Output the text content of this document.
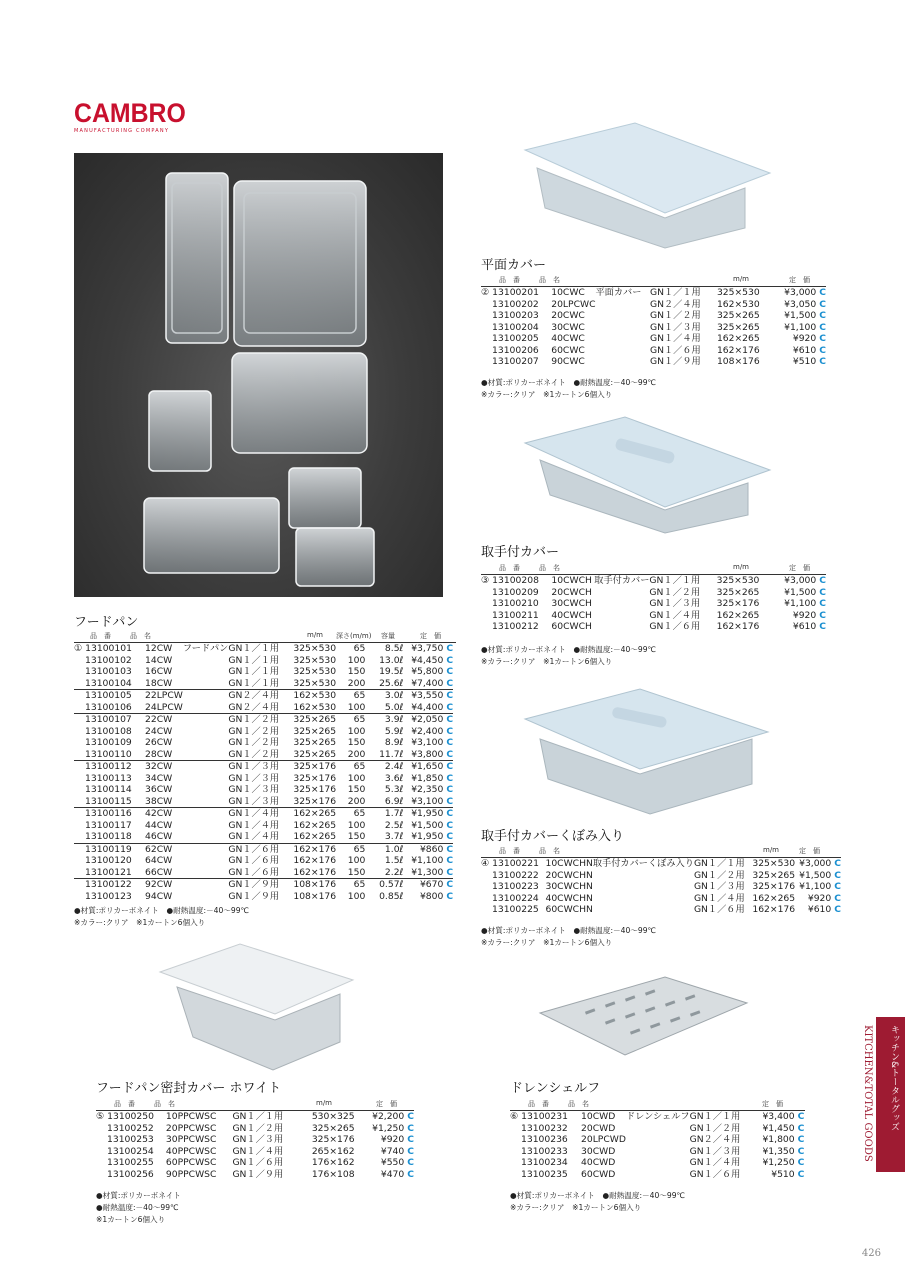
CAMBRO
MANUFACTURING COMPANY
フードパン
品　番	品　名	m/m 深さ(m/m) 容量	定　価
① 13100101	12CW	フードパン	GN１／１用	325×530	65	8.5ℓ	¥3,750	C
13100102	14CW		GN１／１用	325×530	100	13.0ℓ	¥4,450	C
13100103	16CW		GN１／１用	325×530	150	19.5ℓ	¥5,800	C
13100104	18CW		GN１／１用	325×530	200	25.6ℓ	¥7,400	C
13100105	22LPCW		GN２／４用	162×530	65	3.0ℓ	¥3,550	C
13100106	24LPCW		GN２／４用	162×530	100	5.0ℓ	¥4,400	C
13100107	22CW		GN１／２用	325×265	65	3.9ℓ	¥2,050	C
13100108	24CW		GN１／２用	325×265	100	5.9ℓ	¥2,400	C
13100109	26CW		GN１／２用	325×265	150	8.9ℓ	¥3,100	C
13100110	28CW		GN１／２用	325×265	200	11.7ℓ	¥3,800	C
13100112	32CW		GN１／３用	325×176	65	2.4ℓ	¥1,650	C
13100113	34CW		GN１／３用	325×176	100	3.6ℓ	¥1,850	C
13100114	36CW		GN１／３用	325×176	150	5.3ℓ	¥2,350	C
13100115	38CW		GN１／３用	325×176	200	6.9ℓ	¥3,100	C
13100116	42CW		GN１／４用	162×265	65	1.7ℓ	¥1,950	C
13100117	44CW		GN１／４用	162×265	100	2.5ℓ	¥1,500	C
13100118	46CW		GN１／４用	162×265	150	3.7ℓ	¥1,950	C
13100119	62CW		GN１／６用	162×176	65	1.0ℓ	¥860	C
13100120	64CW		GN１／６用	162×176	100	1.5ℓ	¥1,100	C
13100121	66CW		GN１／６用	162×176	150	2.2ℓ	¥1,300	C
13100122	92CW		GN１／９用	108×176	65	0.57ℓ	¥670	C
13100123	94CW		GN１／９用	108×176	100	0.85ℓ	¥800	C
●材質:ポリカーボネイト　●耐熱温度:－40～99℃
※カラー:クリア　※1カートン6個入り
平面カバー
品　番	品　名	m/m	定　価
② 13100201	10CWC	平面カバー	GN１／１用	325×530	¥3,000	C
13100202	20LPCWC		GN２／４用	162×530	¥3,050	C
13100203	20CWC		GN１／２用	325×265	¥1,500	C
13100204	30CWC		GN１／３用	325×265	¥1,100	C
13100205	40CWC		GN１／４用	162×265	¥920	C
13100206	60CWC		GN１／６用	162×176	¥610	C
13100207	90CWC		GN１／９用	108×176	¥510	C
●材質:ポリカーボネイト　●耐熱温度:－40～99℃
※カラー:クリア　※1カートン6個入り
取手付カバー
品　番	品　名	m/m	定　価
③ 13100208	10CWCH	取手付カバー	GN１／１用	325×530	¥3,000	C
13100209	20CWCH		GN１／２用	325×265	¥1,500	C
13100210	30CWCH		GN１／３用	325×176	¥1,100	C
13100211	40CWCH		GN１／４用	162×265	¥920	C
13100212	60CWCH		GN１／６用	162×176	¥610	C
●材質:ポリカーボネイト　●耐熱温度:－40～99℃
※カラー:クリア　※1カートン6個入り
取手付カバーくぼみ入り
品　番	品　名	m/m	定　価
④ 13100221	10CWCHN	取手付カバーくぼみ入り	GN１／１用	325×530	¥3,000	C
13100222	20CWCHN		GN１／２用	325×265	¥1,500	C
13100223	30CWCHN		GN１／３用	325×176	¥1,100	C
13100224	40CWCHN		GN１／４用	162×265	¥920	C
13100225	60CWCHN		GN１／６用	162×176	¥610	C
●材質:ポリカーボネイト　●耐熱温度:－40～99℃
※カラー:クリア　※1カートン6個入り
フードパン密封カバー ホワイト
品　番	品　名	m/m	定　価
⑤ 13100250	10PPCWSC	GN１／１用	530×325	¥2,200	C
13100252	20PPCWSC	GN１／２用	325×265	¥1,250	C
13100253	30PPCWSC	GN１／３用	325×176	¥920	C
13100254	40PPCWSC	GN１／４用	265×162	¥740	C
13100255	60PPCWSC	GN１／６用	176×162	¥550	C
13100256	90PPCWSC	GN１／９用	176×108	¥470	C
●材質:ポリカーボネイト
●耐熱温度:－40～99℃
※1カートン6個入り
ドレンシェルフ
品　番	品　名	定　価
⑥ 13100231	10CWD	ドレンシェルフ	GN１／１用	¥3,400	C
13100232	20CWD		GN１／２用	¥1,450	C
13100236	20LPCWD		GN２／４用	¥1,800	C
13100233	30CWD		GN１／３用	¥1,350	C
13100234	40CWD		GN１／４用	¥1,250	C
13100235	60CWD		GN１／６用	¥510	C
●材質:ポリカーボネイト　●耐熱温度:－40～99℃
※カラー:クリア　※1カートン6個入り
KITCHEN&TOTAL GOODS	キッチン&トータルグッズ
426
